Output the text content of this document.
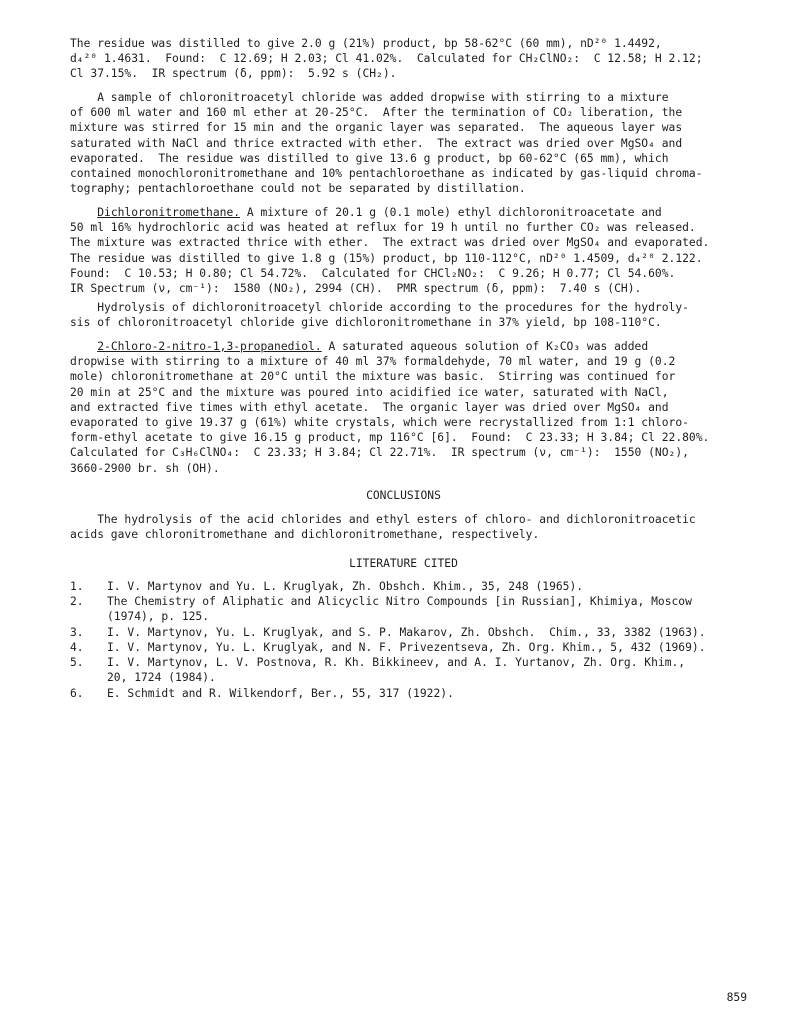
The residue was distilled to give 2.0 g (21%) product, bp 58-62°C (60 mm), nD²⁰ 1.4492,
d₄²⁰ 1.4631.  Found:  C 12.69; H 2.03; Cl 41.02%.  Calculated for CH₂ClNO₂:  C 12.58; H 2.12;
Cl 37.15%.  IR spectrum (δ, ppm):  5.92 s (CH₂).
A sample of chloronitroacetyl chloride was added dropwise with stirring to a mixture
of 600 ml water and 160 ml ether at 20-25°C.  After the termination of CO₂ liberation, the
mixture was stirred for 15 min and the organic layer was separated.  The aqueous layer was
saturated with NaCl and thrice extracted with ether.  The extract was dried over MgSO₄ and
evaporated.  The residue was distilled to give 13.6 g product, bp 60-62°C (65 mm), which
contained monochloronitromethane and 10% pentachloroethane as indicated by gas-liquid chroma-
tography; pentachloroethane could not be separated by distillation.
Dichloronitromethane. A mixture of 20.1 g (0.1 mole) ethyl dichloronitroacetate and
50 ml 16% hydrochloric acid was heated at reflux for 19 h until no further CO₂ was released.
The mixture was extracted thrice with ether.  The extract was dried over MgSO₄ and evaporated.
The residue was distilled to give 1.8 g (15%) product, bp 110-112°C, nD²⁰ 1.4509, d₄²⁰ 2.122.
Found:  C 10.53; H 0.80; Cl 54.72%.  Calculated for CHCl₂NO₂:  C 9.26; H 0.77; Cl 54.60%.
IR Spectrum (ν, cm⁻¹):  1580 (NO₂), 2994 (CH).  PMR spectrum (δ, ppm):  7.40 s (CH).
Hydrolysis of dichloronitroacetyl chloride according to the procedures for the hydroly-
sis of chloronitroacetyl chloride give dichloronitromethane in 37% yield, bp 108-110°C.
2-Chloro-2-nitro-1,3-propanediol. A saturated aqueous solution of K₂CO₃ was added
dropwise with stirring to a mixture of 40 ml 37% formaldehyde, 70 ml water, and 19 g (0.2
mole) chloronitromethane at 20°C until the mixture was basic.  Stirring was continued for
20 min at 25°C and the mixture was poured into acidified ice water, saturated with NaCl,
and extracted five times with ethyl acetate.  The organic layer was dried over MgSO₄ and
evaporated to give 19.37 g (61%) white crystals, which were recrystallized from 1:1 chloro-
form-ethyl acetate to give 16.15 g product, mp 116°C [6].  Found:  C 23.33; H 3.84; Cl 22.80%.
Calculated for C₃H₆ClNO₄:  C 23.33; H 3.84; Cl 22.71%.  IR spectrum (ν, cm⁻¹):  1550 (NO₂),
3660-2900 br. sh (OH).
CONCLUSIONS
The hydrolysis of the acid chlorides and ethyl esters of chloro- and dichloronitroacetic
acids gave chloronitromethane and dichloronitromethane, respectively.
LITERATURE CITED
1. I. V. Martynov and Yu. L. Kruglyak, Zh. Obshch. Khim., 35, 248 (1965).
2. The Chemistry of Aliphatic and Alicyclic Nitro Compounds [in Russian], Khimiya, Moscow
(1974), p. 125.
3. I. V. Martynov, Yu. L. Kruglyak, and S. P. Makarov, Zh. Obshch.  Chim., 33, 3382 (1963).
4. I. V. Martynov, Yu. L. Kruglyak, and N. F. Privezentseva, Zh. Org. Khim., 5, 432 (1969).
5. I. V. Martynov, L. V. Postnova, R. Kh. Bikkineev, and A. I. Yurtanov, Zh. Org. Khim.,
20, 1724 (1984).
6. E. Schmidt and R. Wilkendorf, Ber., 55, 317 (1922).
859
